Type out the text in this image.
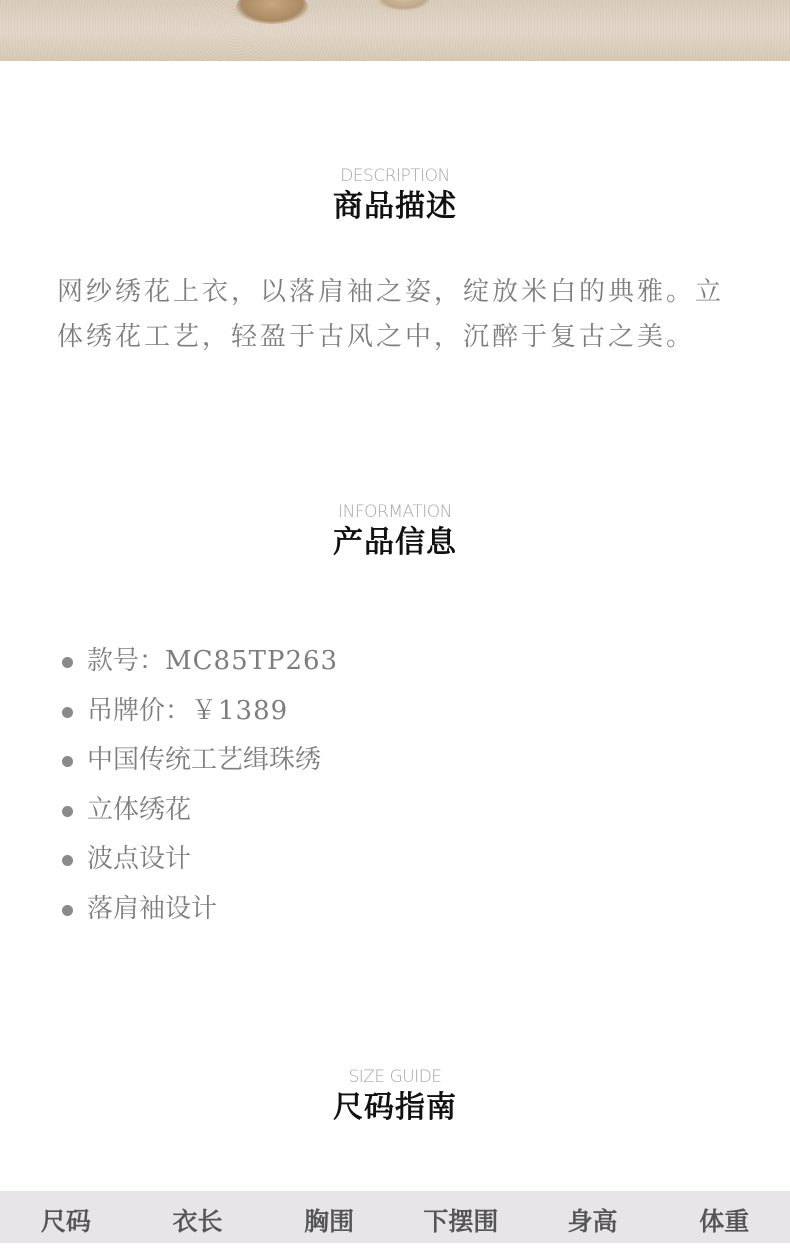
DESCRIPTION
商品描述
网纱绣花上衣，以落肩袖之姿，绽放米白的典雅。立体绣花工艺，轻盈于古风之中，沉醉于复古之美。
INFORMATION
产品信息
款号：MC85TP263
吊牌价：￥1389
中国传统工艺缉珠绣
立体绣花
波点设计
落肩袖设计
SIZE GUIDE
尺码指南
尺码	衣长	胸围	下摆围	身高	体重
